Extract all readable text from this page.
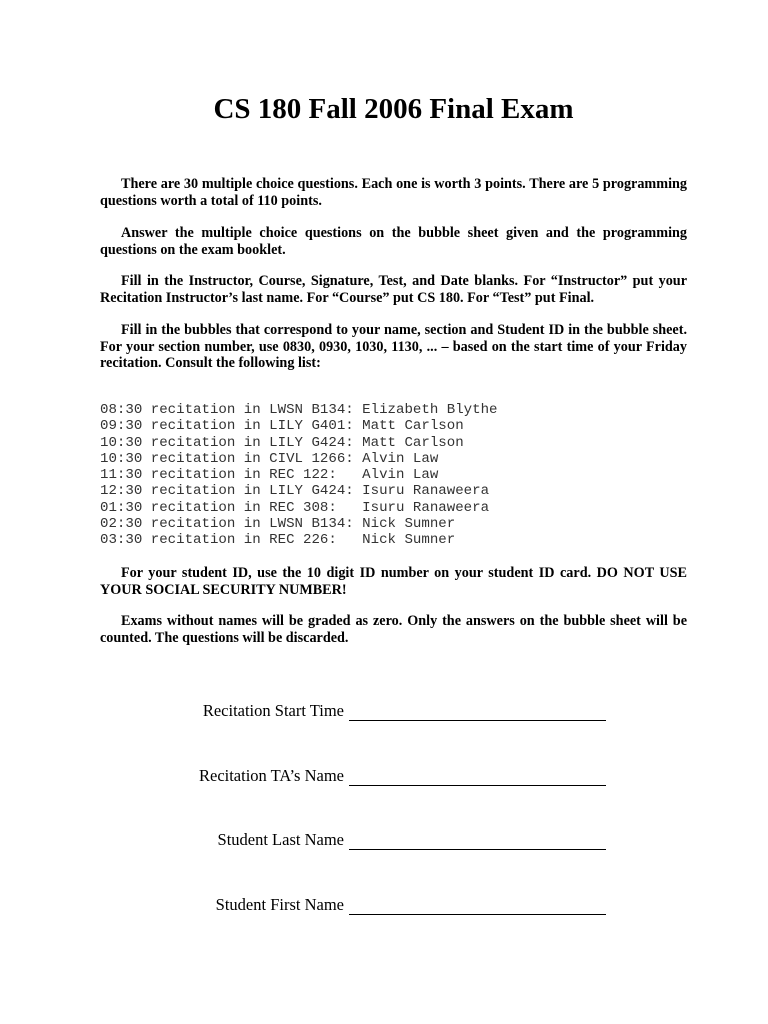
CS 180 Fall 2006 Final Exam

There are 30 multiple choice questions. Each one is worth 3 points. There are 5 programming questions worth a total of 110 points.

Answer the multiple choice questions on the bubble sheet given and the programming questions on the exam booklet.

Fill in the Instructor, Course, Signature, Test, and Date blanks. For “Instructor” put your Recitation Instructor’s last name. For “Course” put CS 180. For “Test” put Final.

Fill in the bubbles that correspond to your name, section and Student ID in the bubble sheet. For your section number, use 0830, 0930, 1030, 1130, ... – based on the start time of your Friday recitation. Consult the following list:

08:30 recitation in LWSN B134: Elizabeth Blythe
09:30 recitation in LILY G401: Matt Carlson
10:30 recitation in LILY G424: Matt Carlson
10:30 recitation in CIVL 1266: Alvin Law
11:30 recitation in REC 122:   Alvin Law
12:30 recitation in LILY G424: Isuru Ranaweera
01:30 recitation in REC 308:   Isuru Ranaweera
02:30 recitation in LWSN B134: Nick Sumner
03:30 recitation in REC 226:   Nick Sumner

For your student ID, use the 10 digit ID number on your student ID card. DO NOT USE YOUR SOCIAL SECURITY NUMBER!

Exams without names will be graded as zero. Only the answers on the bubble sheet will be counted. The questions will be discarded.

Recitation Start Time
Recitation TA’s Name
Student Last Name
Student First Name
